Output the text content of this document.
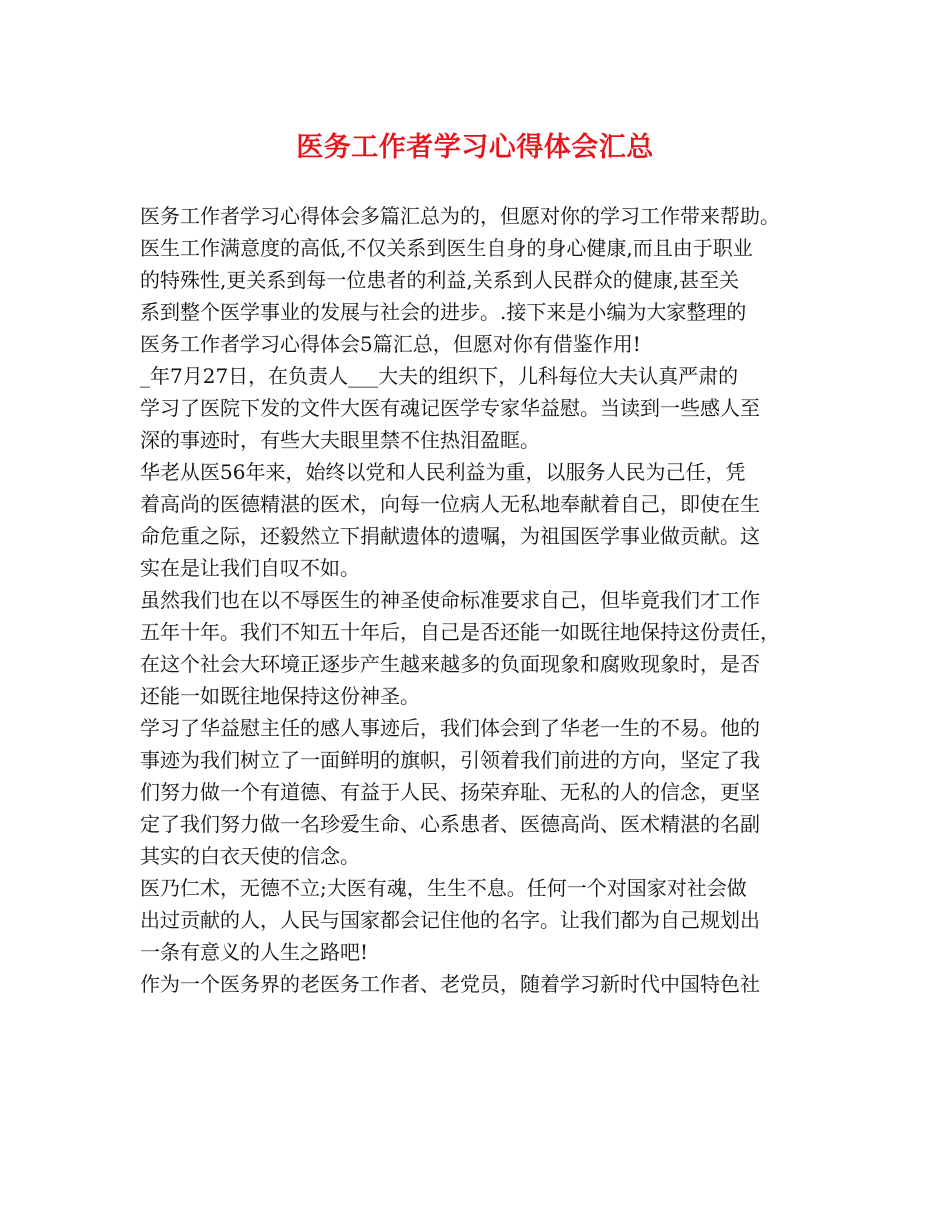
医务工作者学习心得体会汇总
医务工作者学习心得体会多篇汇总为的，但愿对你的学习工作带来帮助。
医生工作满意度的高低,不仅关系到医生自身的身心健康,而且由于职业
的特殊性,更关系到每一位患者的利益,关系到人民群众的健康,甚至关
系到整个医学事业的发展与社会的进步。.接下来是小编为大家整理的
医务工作者学习心得体会5篇汇总，但愿对你有借鉴作用!
_年7月27日，在负责人___大夫的组织下，儿科每位大夫认真严肃的
学习了医院下发的文件大医有魂记医学专家华益慰。当读到一些感人至
深的事迹时，有些大夫眼里禁不住热泪盈眶。
华老从医56年来，始终以党和人民利益为重，以服务人民为己任，凭
着高尚的医德精湛的医术，向每一位病人无私地奉献着自己，即使在生
命危重之际，还毅然立下捐献遗体的遗嘱，为祖国医学事业做贡献。这
实在是让我们自叹不如。
虽然我们也在以不辱医生的神圣使命标准要求自己，但毕竟我们才工作
五年十年。我们不知五十年后，自己是否还能一如既往地保持这份责任，
在这个社会大环境正逐步产生越来越多的负面现象和腐败现象时，是否
还能一如既往地保持这份神圣。
学习了华益慰主任的感人事迹后，我们体会到了华老一生的不易。他的
事迹为我们树立了一面鲜明的旗帜，引领着我们前进的方向，坚定了我
们努力做一个有道德、有益于人民、扬荣弃耻、无私的人的信念，更坚
定了我们努力做一名珍爱生命、心系患者、医德高尚、医术精湛的名副
其实的白衣天使的信念。
医乃仁术，无德不立;大医有魂，生生不息。任何一个对国家对社会做
出过贡献的人，人民与国家都会记住他的名字。让我们都为自己规划出
一条有意义的人生之路吧!
作为一个医务界的老医务工作者、老党员，随着学习新时代中国特色社
